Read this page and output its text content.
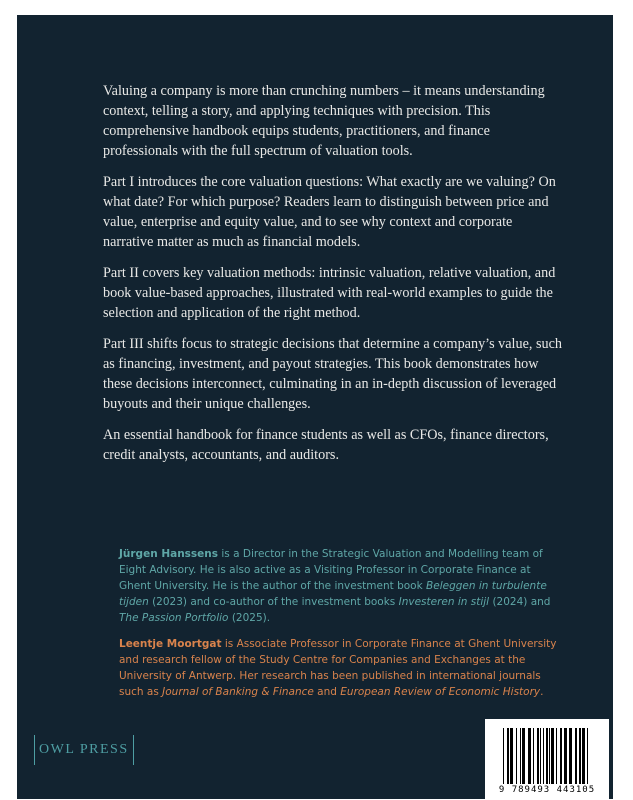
Valuing a company is more than crunching numbers – it means understanding context, telling a story, and applying techniques with precision. This comprehensive handbook equips students, practitioners, and finance professionals with the full spectrum of valuation tools.

Part I introduces the core valuation questions: What exactly are we valuing? On what date? For which purpose? Readers learn to distinguish between price and value, enterprise and equity value, and to see why context and corporate narrative matter as much as financial models.

Part II covers key valuation methods: intrinsic valuation, relative valuation, and book value-based approaches, illustrated with real-world examples to guide the selection and application of the right method.

Part III shifts focus to strategic decisions that determine a company’s value, such as financing, investment, and payout strategies. This book demonstrates how these decisions interconnect, culminating in an in-depth discussion of leveraged buyouts and their unique challenges.

An essential handbook for finance students as well as CFOs, finance directors, credit analysts, accountants, and auditors.

Jürgen Hanssens is a Director in the Strategic Valuation and Modelling team of Eight Advisory. He is also active as a Visiting Professor in Corporate Finance at Ghent University. He is the author of the investment book Beleggen in turbulente tijden (2023) and co-author of the investment books Investeren in stijl (2024) and The Passion Portfolio (2025).

Leentje Moortgat is Associate Professor in Corporate Finance at Ghent University and research fellow of the Study Centre for Companies and Exchanges at the University of Antwerp. Her research has been published in international journals such as Journal of Banking & Finance and European Review of Economic History.

OWL PRESS
9 789493 443105
